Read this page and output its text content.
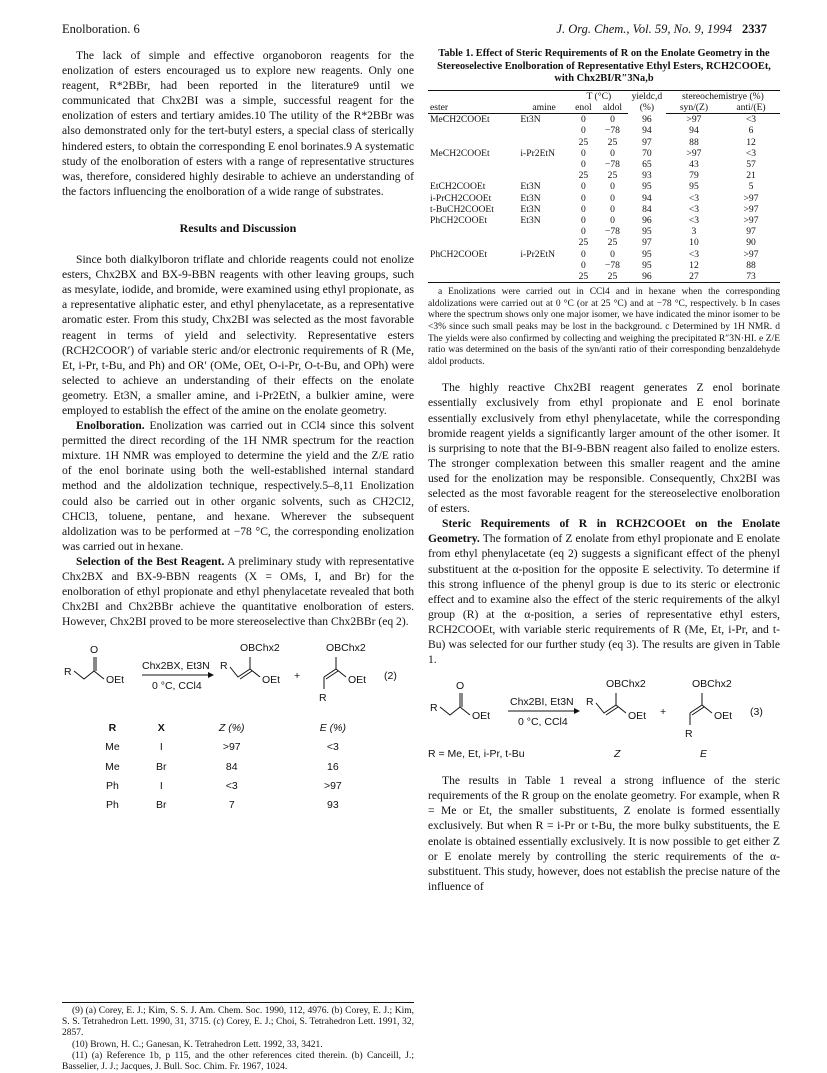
Enolboration. 6	J. Org. Chem., Vol. 59, No. 9, 1994 2337

The lack of simple and effective organoboron reagents for the enolization of esters encouraged us to explore new reagents. Only one reagent, R*2BBr, had been reported in the literature9 until we communicated that Chx2BI was a simple, successful reagent for the enolization of esters and tertiary amides.10 The utility of the R*2BBr was also demonstrated only for the tert-butyl esters, a special class of sterically hindered esters, to obtain the corresponding E enol borinates.9 A systematic study of the enolboration of esters with a range of representative structures was, therefore, considered highly desirable to achieve an understanding of the factors influencing the enolboration of a wide range of substrates.

Results and Discussion

Since both dialkylboron triflate and chloride reagents could not enolize esters, Chx2BX and BX-9-BBN reagents with other leaving groups, such as mesylate, iodide, and bromide, were examined using ethyl propionate, as a representative aliphatic ester, and ethyl phenylacetate, as a representative aromatic ester. From this study, Chx2BI was selected as the most favorable reagent in terms of yield and selectivity. Representative esters (RCH2COOR′) of variable steric and/or electronic requirements of R (Me, Et, i-Pr, t-Bu, and Ph) and OR′ (OMe, OEt, O-i-Pr, O-t-Bu, and OPh) were selected to achieve an understanding of their effects on the enolate geometry. Et3N, a smaller amine, and i-Pr2EtN, a bulkier amine, were employed to establish the effect of the amine on the enolate geometry.

Enolboration. Enolization was carried out in CCl4 since this solvent permitted the direct recording of the 1H NMR spectrum for the reaction mixture. 1H NMR was employed to determine the yield and the Z/E ratio of the enol borinate using both the well-established internal standard method and the aldolization technique, respectively.5–8,11 Enolization could also be carried out in other organic solvents, such as CH2Cl2, CHCl3, toluene, pentane, and hexane. Wherever the subsequent aldolization was to be performed at −78 °C, the corresponding enolization was carried out in hexane.

Selection of the Best Reagent. A preliminary study with representative Chx2BX and BX-9-BBN reagents (X = OMs, I, and Br) for the enolboration of ethyl propionate and ethyl phenylacetate revealed that both Chx2BI and Chx2BBr achieve the quantitative enolboration of esters. However, Chx2BI proved to be more stereoselective than Chx2BBr (eq 2).

R
O
OEt
Chx2BX, Et3N
0 °C, CCl4
R
OBChx2
OEt +
OBChx2
OEt
R
(2)
R	X	Z (%)	E (%)
Me	I	>97	<3
Me	Br	84	16
Ph	I	<3	>97
Ph	Br	7	93

(9) (a) Corey, E. J.; Kim, S. S. J. Am. Chem. Soc. 1990, 112, 4976. (b) Corey, E. J.; Kim, S. S. Tetrahedron Lett. 1990, 31, 3715. (c) Corey, E. J.; Choi, S. Tetrahedron Lett. 1991, 32, 2857.

(10) Brown, H. C.; Ganesan, K. Tetrahedron Lett. 1992, 33, 3421.

(11) (a) Reference 1b, p 115, and the other references cited therein. (b) Canceill, J.; Basselier, J. J.; Jacques, J. Bull. Soc. Chim. Fr. 1967, 1024.

Table 1. Effect of Steric Requirements of R on the Enolate Geometry in the Stereoselective Enolboration of Representative Ethyl Esters, RCH2COOEt, with Chx2BI/R″3Na,b
		T (°C)		yieldc,d (%)	stereochemistrye (%)	
ester	amine	enol	aldol		syn/(Z)	anti/(E)
MeCH2COOEt	Et3N	0	0	96	>97	<3
		0	−78	94	94	6
		25	25	97	88	12
MeCH2COOEt	i-Pr2EtN	0	0	70	>97	<3
		0	−78	65	43	57
		25	25	93	79	21
EtCH2COOEt	Et3N	0	0	95	95	5
i-PrCH2COOEt	Et3N	0	0	94	<3	>97
t-BuCH2COOEt	Et3N	0	0	84	<3	>97
PhCH2COOEt	Et3N	0	0	96	<3	>97
		0	−78	95	3	97
		25	25	97	10	90
PhCH2COOEt	i-Pr2EtN	0	0	95	<3	>97
		0	−78	95	12	88
		25	25	96	27	73

a Enolizations were carried out in CCl4 and in hexane when the corresponding aldolizations were carried out at 0 °C (or at 25 °C) and at −78 °C, respectively. b In cases where the spectrum shows only one major isomer, we have indicated the minor isomer to be <3% since such small peaks may be lost in the background. c Determined by 1H NMR. d The yields were also confirmed by collecting and weighing the precipitated R″3N·HI. e Z/E ratio was determined on the basis of the syn/anti ratio of their corresponding benzaldehyde aldol products.

The highly reactive Chx2BI reagent generates Z enol borinate essentially exclusively from ethyl propionate and E enol borinate essentially exclusively from ethyl phenylacetate, while the corresponding bromide reagent yields a significantly larger amount of the other isomer. It is surprising to note that the BI-9-BBN reagent also failed to enolize esters. The stronger complexation between this smaller reagent and the amine used for the enolization may be responsible. Consequently, Chx2BI was selected as the most favorable reagent for the stereoselective enolboration of esters.

Steric Requirements of R in RCH2COOEt on the Enolate Geometry. The formation of Z enolate from ethyl propionate and E enolate from ethyl phenylacetate (eq 2) suggests a significant effect of the phenyl substituent at the α-position for the opposite E selectivity. To determine if this strong influence of the phenyl group is due to its steric or electronic effect and to examine also the effect of the steric requirements of the alkyl group (R) at the α-position, a series of representative ethyl esters, RCH2COOEt, with variable steric requirements of R (Me, Et, i-Pr, and t-Bu) was selected for our further study (eq 3). The results are given in Table 1.

R
O
OEt
Chx2BI, Et3N
0 °C, CCl4
R
OBChx2
OEt +
OBChx2
OEt
R
(3)
R = Me, Et, i-Pr, t-Bu	Z	E

The results in Table 1 reveal a strong influence of the steric requirements of the R group on the enolate geometry. For example, when R = Me or Et, the smaller substituents, Z enolate is formed essentially exclusively. But when R = i-Pr or t-Bu, the more bulky substituents, the E enolate is obtained essentially exclusively. It is now possible to get either Z or E enolate merely by controlling the steric requirements of the α-substituent. This study, however, does not establish the precise nature of the influence of
